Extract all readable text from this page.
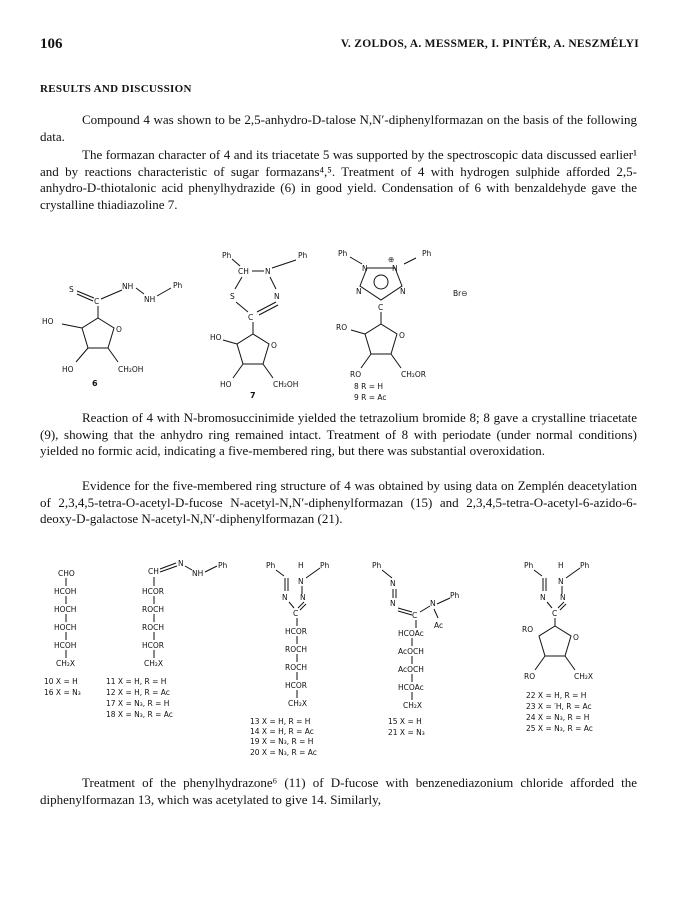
106	V. ZOLDOS, A. MESSMER, I. PINTÉR, A. NESZMÉLYI
RESULTS AND DISCUSSION

Compound 4 was shown to be 2,5-anhydro-D-talose N,N′-diphenylformazan on the basis of the following data.

The formazan character of 4 and its triacetate 5 was supported by the spectroscopic data discussed earlier¹ and by reactions characteristic of sugar formazans⁴,⁵. Treatment of 4 with hydrogen sulphide afforded 2,5-anhydro-D-thiotalonic acid phenylhydrazide (6) in good yield. Condensation of 6 with benzaldehyde gave the crystalline thiadiazoline 7.

S
C
NH
NH
Ph
O
HO
HO	CH₂OH
6
Ph	Ph
CH N
S
C
N
O
HO
HO	CH₂OH
7
Ph	Ph
N	N
⊕
N	N
C
O
RO
RO	CH₂OR
Br⊖
8 R = H
9 R = Ac

Reaction of 4 with N-bromosuccinimide yielded the tetrazolium bromide 8; 8 gave a crystalline triacetate (9), showing that the anhydro ring remained intact. Treatment of 8 with periodate (under normal conditions) yielded no formic acid, indicating a five-membered ring, but there was substantial overoxidation.

Evidence for the five-membered ring structure of 4 was obtained by using data on Zemplén deacetylation of 2,3,4,5-tetra-O-acetyl-D-fucose N-acetyl-N,N′-diphenylformazan (15) and 2,3,4,5-tetra-O-acetyl-6-azido-6-deoxy-D-galactose N-acetyl-N,N′-diphenylformazan (21).

CHO
HCOH
HOCH
HOCH
HCOH
CH₂X
10 X = H
16 X = N₃
CH
N
NH
Ph
HCOR
ROCH
ROCH
HCOR
CH₂X
11 X = H, R = H
12 X = H, R = Ac
17 X = N₃, R = H
18 X = N₃, R = Ac
Ph	H
N
Ph
N N
C
HCOR
ROCH
ROCH
HCOR
CH₂X
13 X = H, R = H
14 X = H, R = Ac
19 X = N₃, R = H
Ph
N
N
C
N
Ph
Ac
HCOAc
AcOCH
AcOCH
HCOAc
CH₂X
15 X = H
21 X = N₃
Ph	H
N
Ph
N N
C
RO
O
RO	CH₂X
22 X = H, R = H
23 X = ′H, R = Ac
24 X = N₃, R = H
25 X = N₃, R = Ac
20 X = N₃, R = Ac

Treatment of the phenylhydrazone⁶ (11) of D-fucose with benzenediazonium chloride afforded the diphenylformazan 13, which was acetylated to give 14. Similarly,
